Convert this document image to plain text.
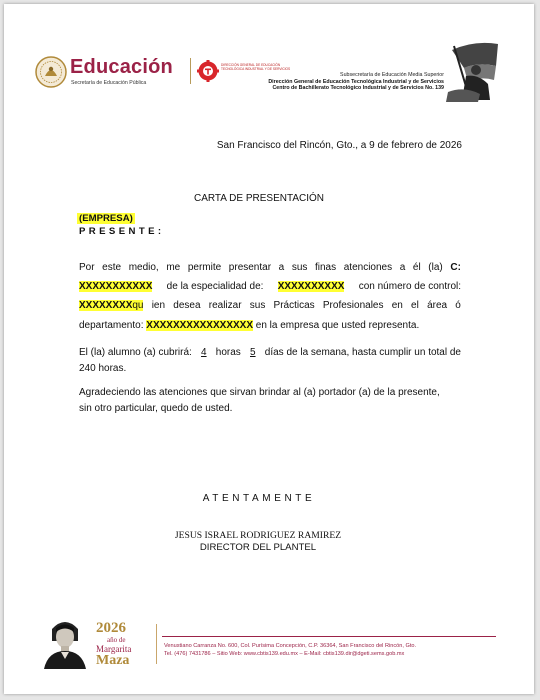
Educación
Secretaría de Educación Pública
DIRECCIÓN GENERAL DE EDUCACIÓN
TECNOLÓGICA INDUSTRIAL Y DE SERVICIOS
Subsecretaría de Educación Media Superior
Dirección General de Educación Tecnológica Industrial y de Servicios
Centro de Bachillerato Tecnológico Industrial y de Servicios No. 139
San Francisco del Rincón, Gto., a 9 de febrero de 2026
CARTA DE PRESENTACIÓN
(EMPRESA)
PRESENTE:
Por este medio, me permite presentar a sus finas atenciones a él (la) C:
XXXXXXXXXXX de la especialidad de: XXXXXXXXXX con número de control:
XXXXXXXXqu ien desea realizar sus Prácticas Profesionales en el área ó
departamento: XXXXXXXXXXXXXXXX en la empresa que usted representa.
El (la) alumno (a) cubrirá: 4 horas 5 días de la semana, hasta cumplir un total de
240 horas.
Agradeciendo las atenciones que sirvan brindar al (a) portador (a) de la presente,
sin otro particular, quedo de usted.
ATENTAMENTE
JESUS ISRAEL RODRIGUEZ RAMIREZ
DIRECTOR DEL PLANTEL
2026
año de
Margarita
Maza
Venustiano Carranza No. 600, Col. Purísima Concepción, C.P. 36364, San Francisco del Rincón, Gto.
Tel. (476) 7431786 – Sitio Web: www.cbtis139.edu.mx – E-Mail: cbtis139.dir@dgeti.sems.gob.mx
